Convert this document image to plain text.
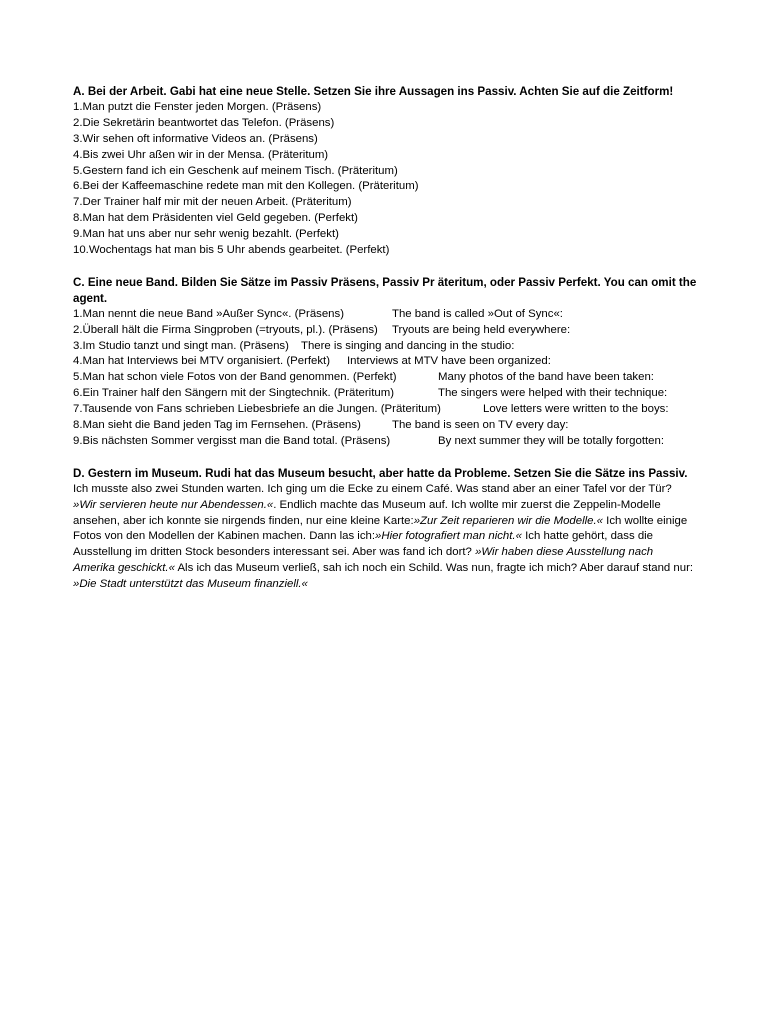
A. Bei der Arbeit. Gabi hat eine neue Stelle. Setzen Sie ihre Aussagen ins Passiv. Achten Sie auf die Zeitform!

1.Man putzt die Fenster jeden Morgen. (Präsens)

2.Die Sekretärin beantwortet das Telefon. (Präsens)

3.Wir sehen oft informative Videos an. (Präsens)

4.Bis zwei Uhr aßen wir in der Mensa. (Präteritum)

5.Gestern fand ich ein Geschenk auf meinem Tisch. (Präteritum)

6.Bei der Kaffeemaschine redete man mit den Kollegen. (Präteritum)

7.Der Trainer half mir mit der neuen Arbeit. (Präteritum)

8.Man hat dem Präsidenten viel Geld gegeben. (Perfekt)

9.Man hat uns aber nur sehr wenig bezahlt. (Perfekt)

10.Wochentags hat man bis 5 Uhr abends gearbeitet. (Perfekt)

C. Eine neue Band. Bilden Sie Sätze im Passiv Präsens, Passiv Pr äteritum, oder Passiv Perfekt. You can omit the

agent.

1.Man nennt die neue Band »Außer Sync«. (Präsens)	The band is called »Out of Sync«:
2.Überall hält die Firma Singproben (=tryouts, pl.). (Präsens) Tryouts are being held everywhere:
3.Im Studio tanzt und singt man. (Präsens) There is singing and dancing in the studio:
4.Man hat Interviews bei MTV organisiert. (Perfekt) Interviews at MTV have been organized:
5.Man hat schon viele Fotos von der Band genommen. (Perfekt)	Many photos of the band have been taken:
6.Ein Trainer half den Sängern mit der Singtechnik. (Präteritum)	The singers were helped with their technique:
7.Tausende von Fans schrieben Liebesbriefe an die Jungen. (Präteritum)	Love letters were written to the boys:
8.Man sieht die Band jeden Tag im Fernsehen. (Präsens)	The band is seen on TV every day:
9.Bis nächsten Sommer vergisst man die Band total. (Präsens)	By next summer they will be totally forgotten:

D. Gestern im Museum. Rudi hat das Museum besucht, aber hatte da Probleme. Setzen Sie die Sätze ins Passiv.

Ich musste also zwei Stunden warten. Ich ging um die Ecke zu einem Café. Was stand aber an einer Tafel vor der Tür? »Wir servieren heute nur Abendessen.«. Endlich machte das Museum auf. Ich wollte mir zuerst die Zeppelin-Modelle ansehen, aber ich konnte sie nirgends finden, nur eine kleine Karte:»Zur Zeit reparieren wir die Modelle.« Ich wollte einige Fotos von den Modellen der Kabinen machen. Dann las ich:»Hier fotografiert man nicht.« Ich hatte gehört, dass die Ausstellung im dritten Stock besonders interessant sei. Aber was fand ich dort? »Wir haben diese Ausstellung nach Amerika geschickt.« Als ich das Museum verließ, sah ich noch ein Schild. Was nun, fragte ich mich? Aber darauf stand nur: »Die Stadt unterstützt das Museum finanziell.«
